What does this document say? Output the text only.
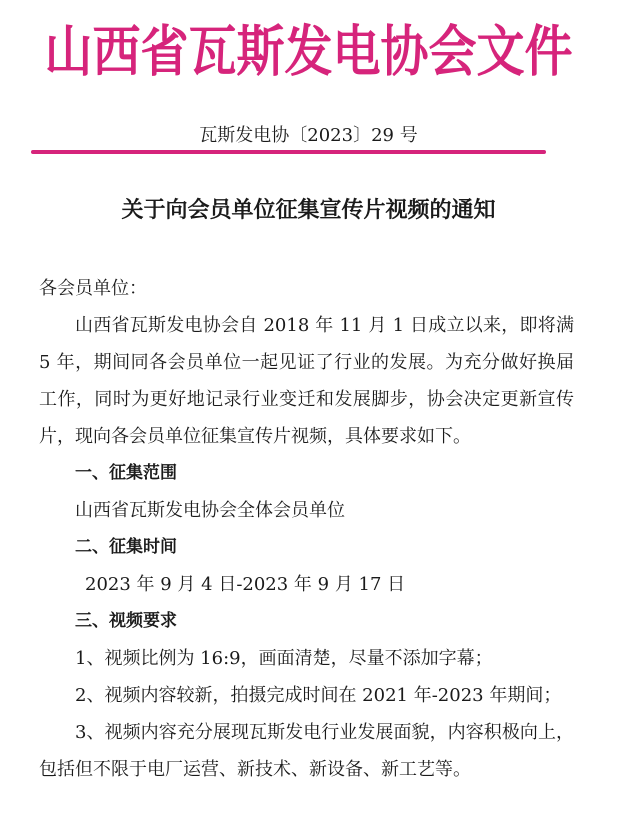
山西省瓦斯发电协会文件
瓦斯发电协〔2023〕29 号
关于向会员单位征集宣传片视频的通知

各会员单位：

山西省瓦斯发电协会自 2018 年 11 月 1 日成立以来，即将满 5 年，期间同各会员单位一起见证了行业的发展。为充分做好换届工作，同时为更好地记录行业变迁和发展脚步，协会决定更新宣传片，现向各会员单位征集宣传片视频，具体要求如下。

一、征集范围

山西省瓦斯发电协会全体会员单位

二、征集时间

2023 年 9 月 4 日-2023 年 9 月 17 日

三、视频要求

1、视频比例为 16:9，画面清楚，尽量不添加字幕；

2、视频内容较新，拍摄完成时间在 2021 年-2023 年期间；

3、视频内容充分展现瓦斯发电行业发展面貌，内容积极向上，包括但不限于电厂运营、新技术、新设备、新工艺等。
